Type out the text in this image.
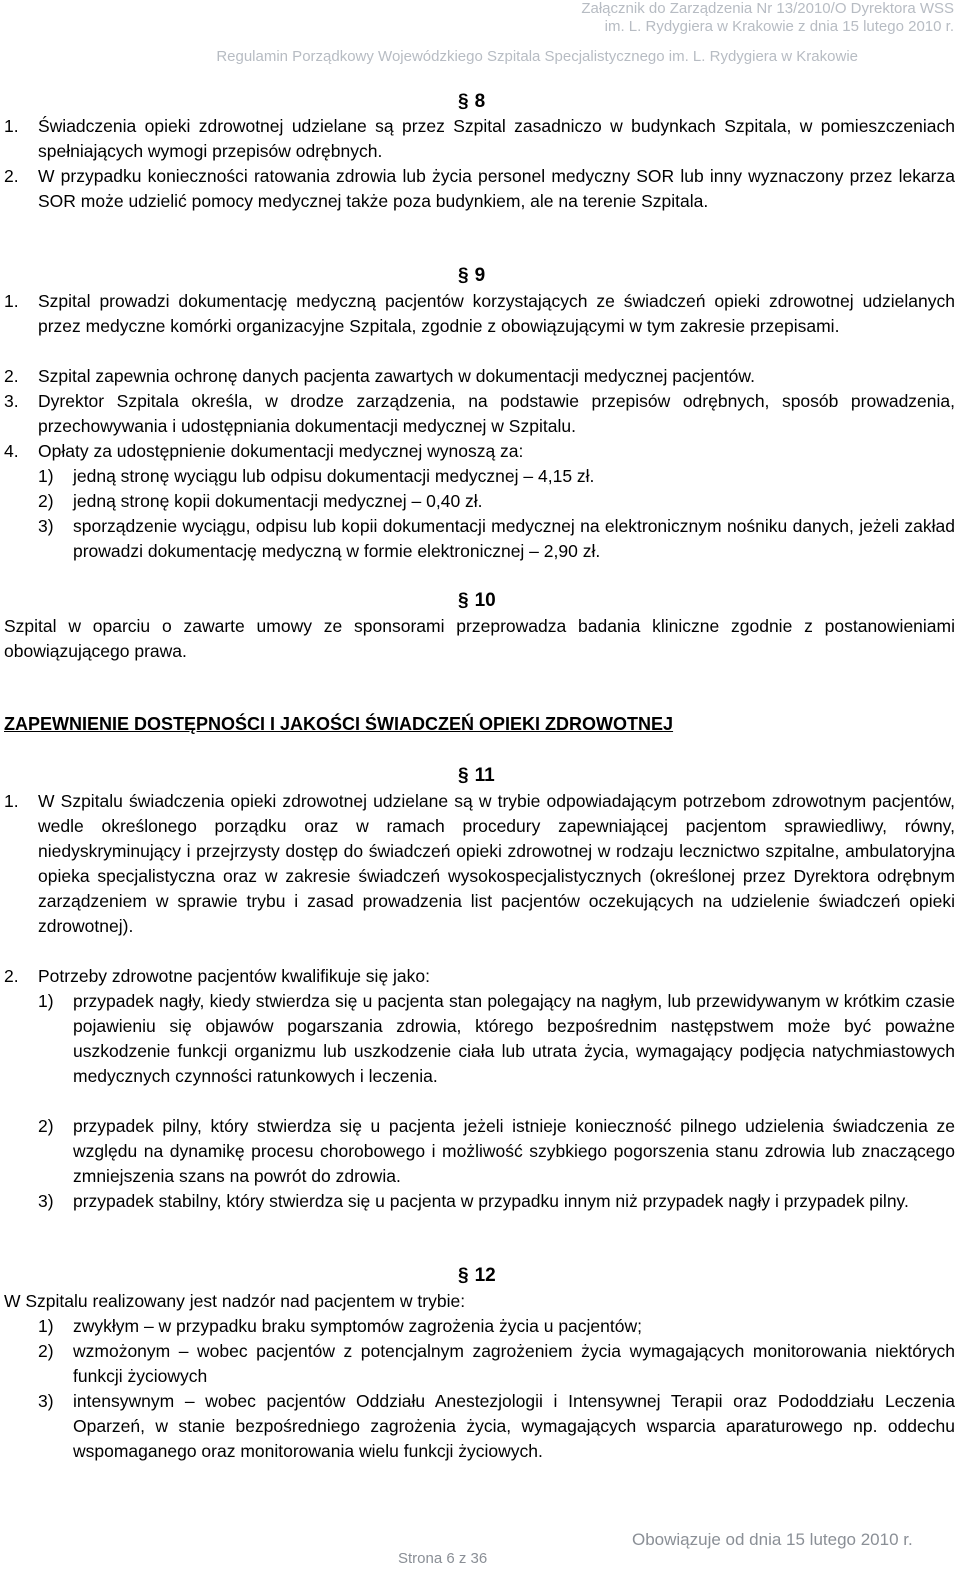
Załącznik do Zarządzenia Nr 13/2010/O Dyrektora WSS
im. L. Rydygiera w Krakowie z dnia 15 lutego 2010 r.
Regulamin Porządkowy Wojewódzkiego Szpitala Specjalistycznego im. L. Rydygiera w Krakowie
§ 8
1. Świadczenia opieki zdrowotnej udzielane są przez Szpital zasadniczo w budynkach Szpitala, w pomieszczeniach spełniających wymogi przepisów odrębnych.
2. W przypadku konieczności ratowania zdrowia lub życia personel medyczny SOR lub inny wyznaczony przez lekarza SOR może udzielić pomocy medycznej także poza budynkiem, ale na terenie Szpitala.
§ 9
1. Szpital prowadzi dokumentację medyczną pacjentów korzystających ze świadczeń opieki zdrowotnej udzielanych przez medyczne komórki organizacyjne Szpitala, zgodnie z obowiązującymi w tym zakresie przepisami.
2. Szpital zapewnia ochronę danych pacjenta zawartych w dokumentacji medycznej pacjentów.
3. Dyrektor Szpitala określa, w drodze zarządzenia, na podstawie przepisów odrębnych, sposób prowadzenia, przechowywania i udostępniania dokumentacji medycznej w Szpitalu.
4. Opłaty za udostępnienie dokumentacji medycznej wynoszą za:
1) jedną stronę wyciągu lub odpisu dokumentacji medycznej – 4,15 zł.
2) jedną stronę kopii dokumentacji medycznej – 0,40 zł.
3) sporządzenie wyciągu, odpisu lub kopii dokumentacji medycznej na elektronicznym nośniku danych, jeżeli zakład prowadzi dokumentację medyczną w formie elektronicznej – 2,90 zł.
§ 10
Szpital w oparciu o zawarte umowy ze sponsorami przeprowadza badania kliniczne zgodnie z postanowieniami obowiązującego prawa.
ZAPEWNIENIE DOSTĘPNOŚCI I JAKOŚCI ŚWIADCZEŃ OPIEKI ZDROWOTNEJ
§ 11
1. W Szpitalu świadczenia opieki zdrowotnej udzielane są w trybie odpowiadającym potrzebom zdrowotnym pacjentów, wedle określonego porządku oraz w ramach procedury zapewniającej pacjentom sprawiedliwy, równy, niedyskryminujący i przejrzysty dostęp do świadczeń opieki zdrowotnej w rodzaju lecznictwo szpitalne, ambulatoryjna opieka specjalistyczna oraz w zakresie świadczeń wysokospecjalistycznych (określonej przez Dyrektora odrębnym zarządzeniem w sprawie trybu i zasad prowadzenia list pacjentów oczekujących na udzielenie świadczeń opieki zdrowotnej).
2. Potrzeby zdrowotne pacjentów kwalifikuje się jako:
1) przypadek nagły, kiedy stwierdza się u pacjenta stan polegający na nagłym, lub przewidywanym w krótkim czasie pojawieniu się objawów pogarszania zdrowia, którego bezpośrednim następstwem może być poważne uszkodzenie funkcji organizmu lub uszkodzenie ciała lub utrata życia, wymagający podjęcia natychmiastowych medycznych czynności ratunkowych i leczenia.
2) przypadek pilny, który stwierdza się u pacjenta jeżeli istnieje konieczność pilnego udzielenia świadczenia ze względu na dynamikę procesu chorobowego i możliwość szybkiego pogorszenia stanu zdrowia lub znaczącego zmniejszenia szans na powrót do zdrowia.
3) przypadek stabilny, który stwierdza się u pacjenta w przypadku innym niż przypadek nagły i przypadek pilny.
§ 12
W Szpitalu realizowany jest nadzór nad pacjentem w trybie:
1) zwykłym – w przypadku braku symptomów zagrożenia życia u pacjentów;
2) wzmożonym – wobec pacjentów z potencjalnym zagrożeniem życia wymagających monitorowania niektórych funkcji życiowych
3) intensywnym – wobec pacjentów Oddziału Anestezjologii i Intensywnej Terapii oraz Pododdziału Leczenia Oparzeń, w stanie bezpośredniego zagrożenia życia, wymagających wsparcia aparaturowego np. oddechu wspomaganego oraz monitorowania wielu funkcji życiowych.
Obowiązuje od dnia 15 lutego 2010 r.
Strona 6 z 36
